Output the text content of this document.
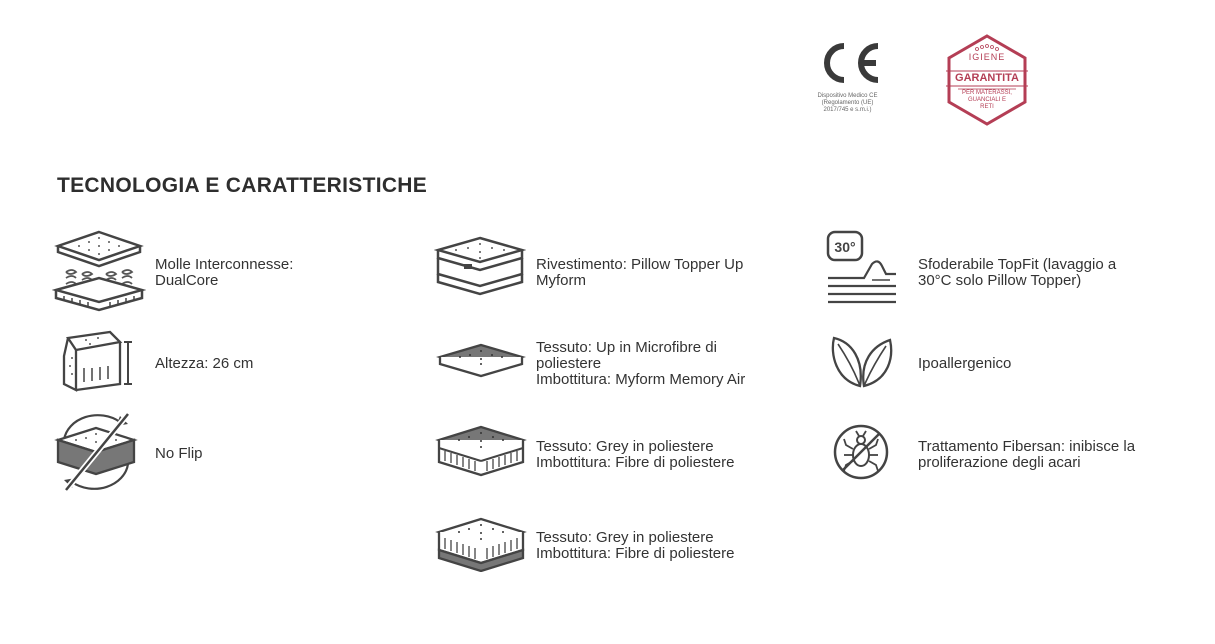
Dispositivo Medico CE
(Regolamento (UE)
2017/745 e s.m.i.)
IGIENE
GARANTITA
PER MATERASSI,
GUANCIALI E
RETI
TECNOLOGIA E CARATTERISTICHE
Molle Interconnesse:
DualCore
Altezza: 26 cm
No Flip
Rivestimento: Pillow Topper Up
Myform
Tessuto: Up in Microfibre di
poliestere
Imbottitura: Myform Memory Air
Tessuto: Grey in poliestere
Imbottitura: Fibre di poliestere
Tessuto: Grey in poliestere
Imbottitura: Fibre di poliestere
30°
Sfoderabile TopFit (lavaggio a
30°C solo Pillow Topper)
Ipoallergenico
Trattamento Fibersan: inibisce la
proliferazione degli acari
